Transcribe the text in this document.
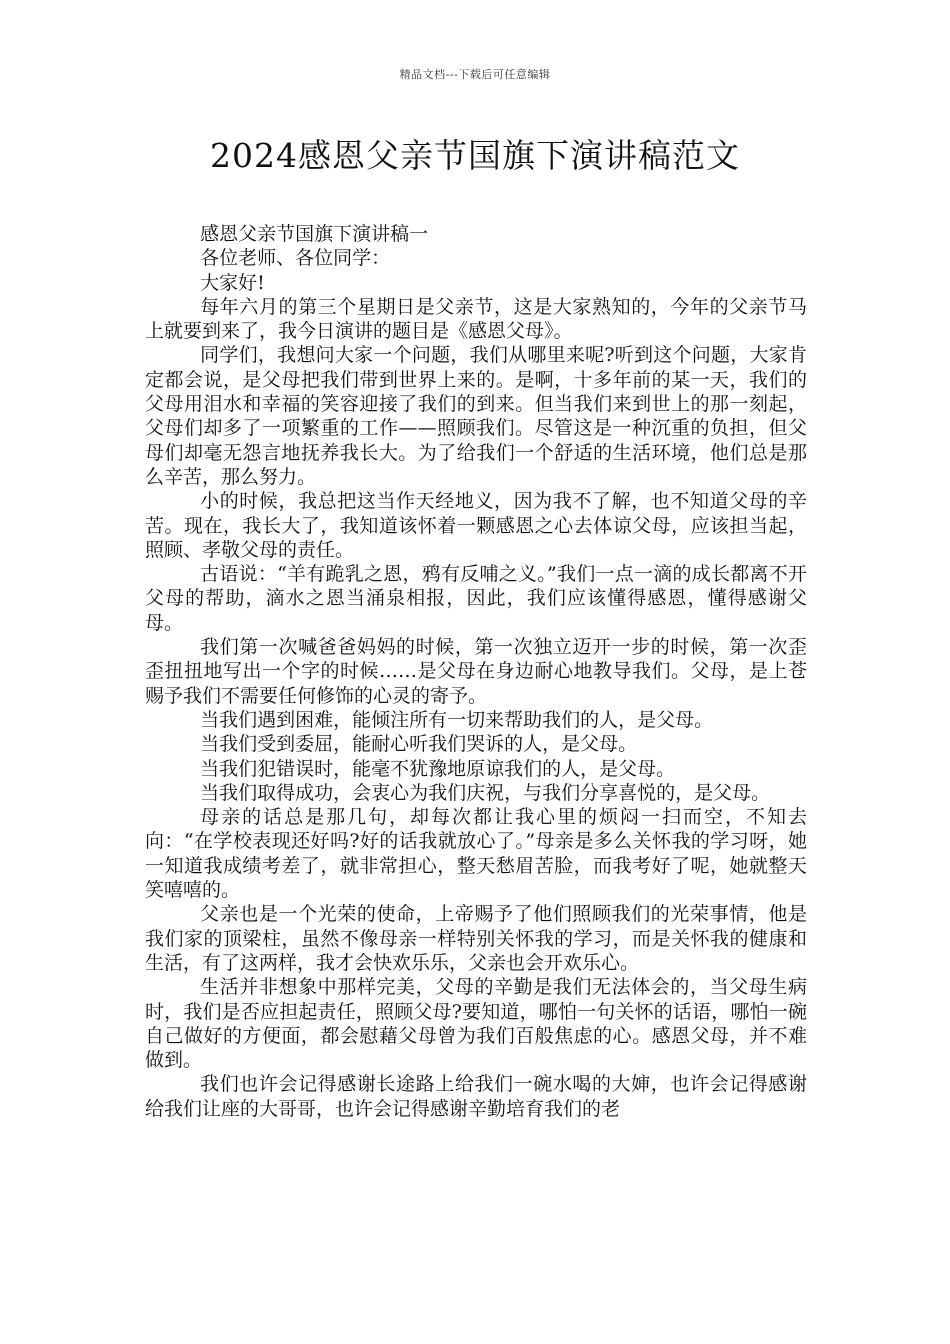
精品文档---下载后可任意编辑
2024感恩父亲节国旗下演讲稿范文

感恩父亲节国旗下演讲稿一

各位老师、各位同学：

大家好!

每年六月的第三个星期日是父亲节，这是大家熟知的，今年的父亲节马上就要到来了，我今日演讲的题目是《感恩父母》。

同学们，我想问大家一个问题，我们从哪里来呢?听到这个问题，大家肯定都会说，是父母把我们带到世界上来的。是啊，十多年前的某一天，我们的父母用泪水和幸福的笑容迎接了我们的到来。但当我们来到世上的那一刻起，父母们却多了一项繁重的工作——照顾我们。尽管这是一种沉重的负担，但父母们却毫无怨言地抚养我长大。为了给我们一个舒适的生活环境，他们总是那么辛苦，那么努力。

小的时候，我总把这当作天经地义，因为我不了解，也不知道父母的辛苦。现在，我长大了，我知道该怀着一颗感恩之心去体谅父母，应该担当起，照顾、孝敬父母的责任。

古语说：“羊有跪乳之恩，鸦有反哺之义。”我们一点一滴的成长都离不开父母的帮助，滴水之恩当涌泉相报，因此，我们应该懂得感恩，懂得感谢父母。

我们第一次喊爸爸妈妈的时候，第一次独立迈开一步的时候，第一次歪歪扭扭地写出一个字的时候……是父母在身边耐心地教导我们。父母，是上苍赐予我们不需要任何修饰的心灵的寄予。

当我们遇到困难，能倾注所有一切来帮助我们的人，是父母。

当我们受到委屈，能耐心听我们哭诉的人，是父母。

当我们犯错误时，能毫不犹豫地原谅我们的人，是父母。

当我们取得成功，会衷心为我们庆祝，与我们分享喜悦的，是父母。

母亲的话总是那几句，却每次都让我心里的烦闷一扫而空，不知去向：“在学校表现还好吗?好的话我就放心了。”母亲是多么关怀我的学习呀，她一知道我成绩考差了，就非常担心，整天愁眉苦脸，而我考好了呢，她就整天笑嘻嘻的。

父亲也是一个光荣的使命，上帝赐予了他们照顾我们的光荣事情，他是我们家的顶梁柱，虽然不像母亲一样特别关怀我的学习，而是关怀我的健康和生活，有了这两样，我才会快欢乐乐，父亲也会开欢乐心。

生活并非想象中那样完美，父母的辛勤是我们无法体会的，当父母生病时，我们是否应担起责任，照顾父母?要知道，哪怕一句关怀的话语，哪怕一碗自己做好的方便面，都会慰藉父母曾为我们百般焦虑的心。感恩父母，并不难做到。

我们也许会记得感谢长途路上给我们一碗水喝的大婶，也许会记得感谢给我们让座的大哥哥，也许会记得感谢辛勤培育我们的老
